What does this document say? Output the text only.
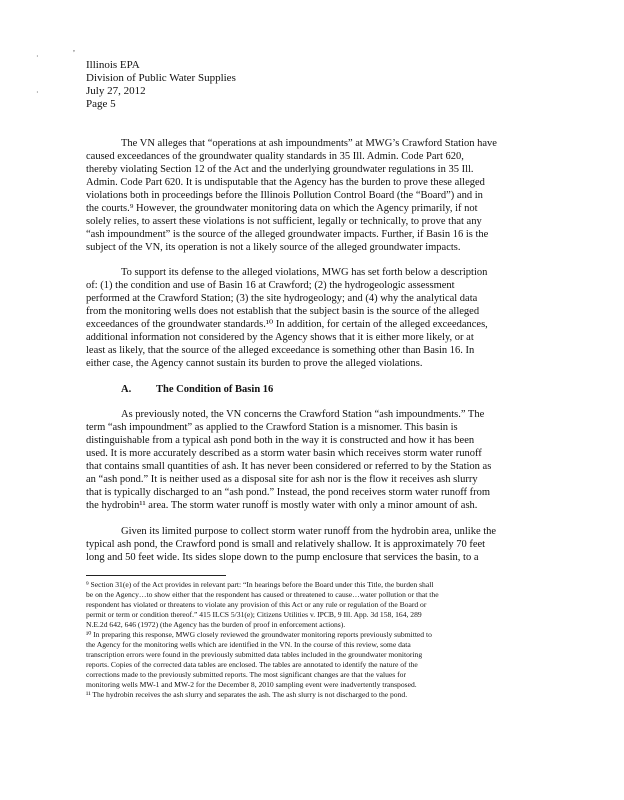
,
·
·
Illinois EPA
Division of Public Water Supplies
July 27, 2012
Page 5
The VN alleges that “operations at ash impoundments” at MWG’s Crawford Station have
caused exceedances of the groundwater quality standards in 35 Ill. Admin. Code Part 620,
thereby violating Section 12 of the Act and the underlying groundwater regulations in 35 Ill.
Admin. Code Part 620. It is undisputable that the Agency has the burden to prove these alleged
violations both in proceedings before the Illinois Pollution Control Board (the “Board”) and in
the courts.⁹ However, the groundwater monitoring data on which the Agency primarily, if not
solely relies, to assert these violations is not sufficient, legally or technically, to prove that any
“ash impoundment” is the source of the alleged groundwater impacts. Further, if Basin 16 is the
subject of the VN, its operation is not a likely source of the alleged groundwater impacts.
To support its defense to the alleged violations, MWG has set forth below a description
of: (1) the condition and use of Basin 16 at Crawford; (2) the hydrogeologic assessment
performed at the Crawford Station; (3) the site hydrogeology; and (4) why the analytical data
from the monitoring wells does not establish that the subject basin is the source of the alleged
exceedances of the groundwater standards.¹⁰ In addition, for certain of the alleged exceedances,
additional information not considered by the Agency shows that it is either more likely, or at
least as likely, that the source of the alleged exceedance is something other than Basin 16. In
either case, the Agency cannot sustain its burden to prove the alleged violations.
A. The Condition of Basin 16
As previously noted, the VN concerns the Crawford Station “ash impoundments.” The
term “ash impoundment” as applied to the Crawford Station is a misnomer. This basin is
distinguishable from a typical ash pond both in the way it is constructed and how it has been
used. It is more accurately described as a storm water basin which receives storm water runoff
that contains small quantities of ash. It has never been considered or referred to by the Station as
an “ash pond.” It is neither used as a disposal site for ash nor is the flow it receives ash slurry
that is typically discharged to an “ash pond.” Instead, the pond receives storm water runoff from
the hydrobin¹¹ area. The storm water runoff is mostly water with only a minor amount of ash.
Given its limited purpose to collect storm water runoff from the hydrobin area, unlike the
typical ash pond, the Crawford pond is small and relatively shallow. It is approximately 70 feet
long and 50 feet wide. Its sides slope down to the pump enclosure that services the basin, to a
⁹ Section 31(e) of the Act provides in relevant part: “In hearings before the Board under this Title, the burden shall
be on the Agency…to show either that the respondent has caused or threatened to cause…water pollution or that the
respondent has violated or threatens to violate any provision of this Act or any rule or regulation of the Board or
permit or term or condition thereof.” 415 ILCS 5/31(e); Citizens Utilities v. IPCB, 9 Ill. App. 3d 158, 164, 289
N.E.2d 642, 646 (1972) (the Agency has the burden of proof in enforcement actions).
¹⁰ In preparing this response, MWG closely reviewed the groundwater monitoring reports previously submitted to
the Agency for the monitoring wells which are identified in the VN. In the course of this review, some data
transcription errors were found in the previously submitted data tables included in the groundwater monitoring
reports. Copies of the corrected data tables are enclosed. The tables are annotated to identify the nature of the
corrections made to the previously submitted reports. The most significant changes are that the values for
monitoring wells MW-1 and MW-2 for the December 8, 2010 sampling event were inadvertently transposed.
¹¹ The hydrobin receives the ash slurry and separates the ash. The ash slurry is not discharged to the pond.
